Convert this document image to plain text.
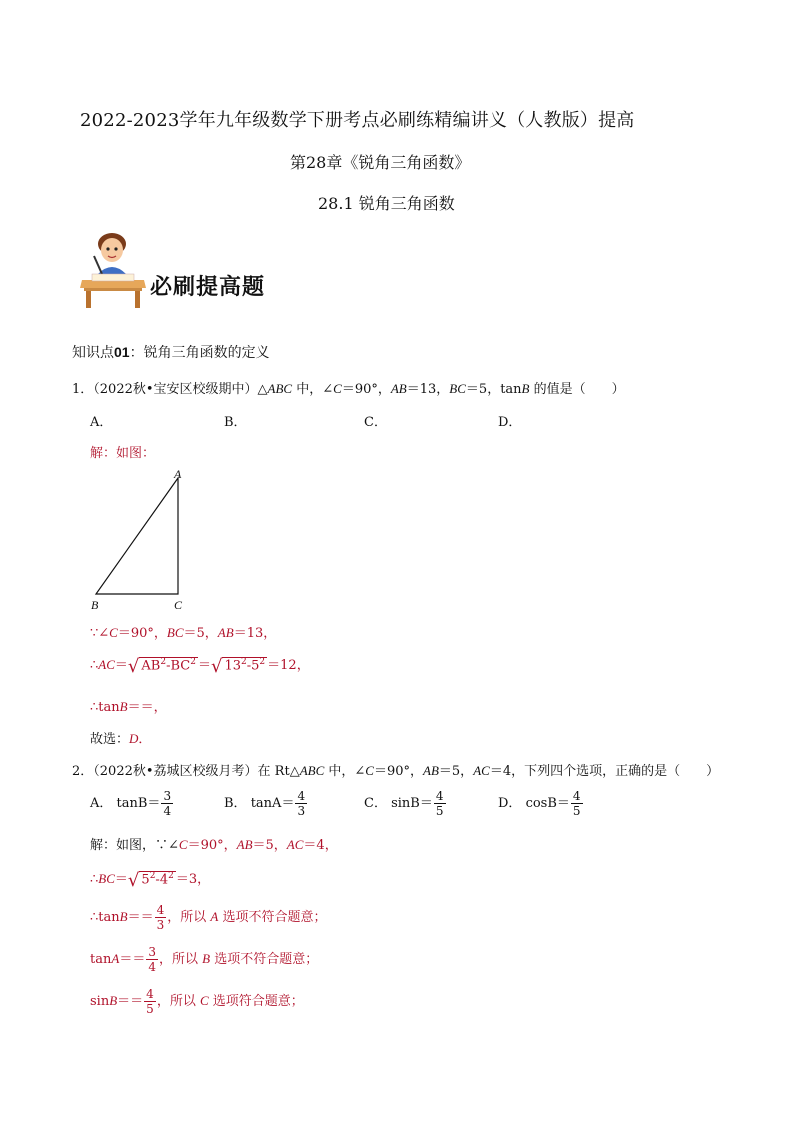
2022-2023学年九年级数学下册考点必刷练精编讲义（人教版）提高
第28章《锐角三角函数》
28.1 锐角三角函数
必刷提高题
知识点01：锐角三角函数的定义
1．（2022秋•宝安区校级期中）△ABC 中，∠C＝90°，AB＝13，BC＝5，tanB 的值是（　　）
A．	B．	C．	D．
解：如图：
A
B	C
∵∠C＝90°，BC＝5，AB＝13，
∴AC＝√ $AB^2-BC^2$ ＝√ $13^2-5^2 =12$，
∴tanB＝＝，
故选：D．
2．（2022秋•荔城区校级月考）在 Rt△ABC 中，∠C＝90°，AB＝5，AC＝4，下列四个选项，正确的是（　　）
A． $\tan B= \frac{3}{4}$	B． $\tan A= \frac{4}{3}$	C． $\sin B= \frac{4}{5}$	D． $\cos B= \frac{4}{5}$
解：如图，∵∠C＝90°，AB＝5，AC＝4，
∴BC＝√ $5^2-4^2 =3$，
∴tanB＝＝ $\frac{4}{3}$ ，所以 A 选项不符合题意；
$\tan A== \frac{3}{4}$ ，所以 B 选项不符合题意；
$\sin B== \frac{4}{5}$ ，所以 C 选项符合题意；
